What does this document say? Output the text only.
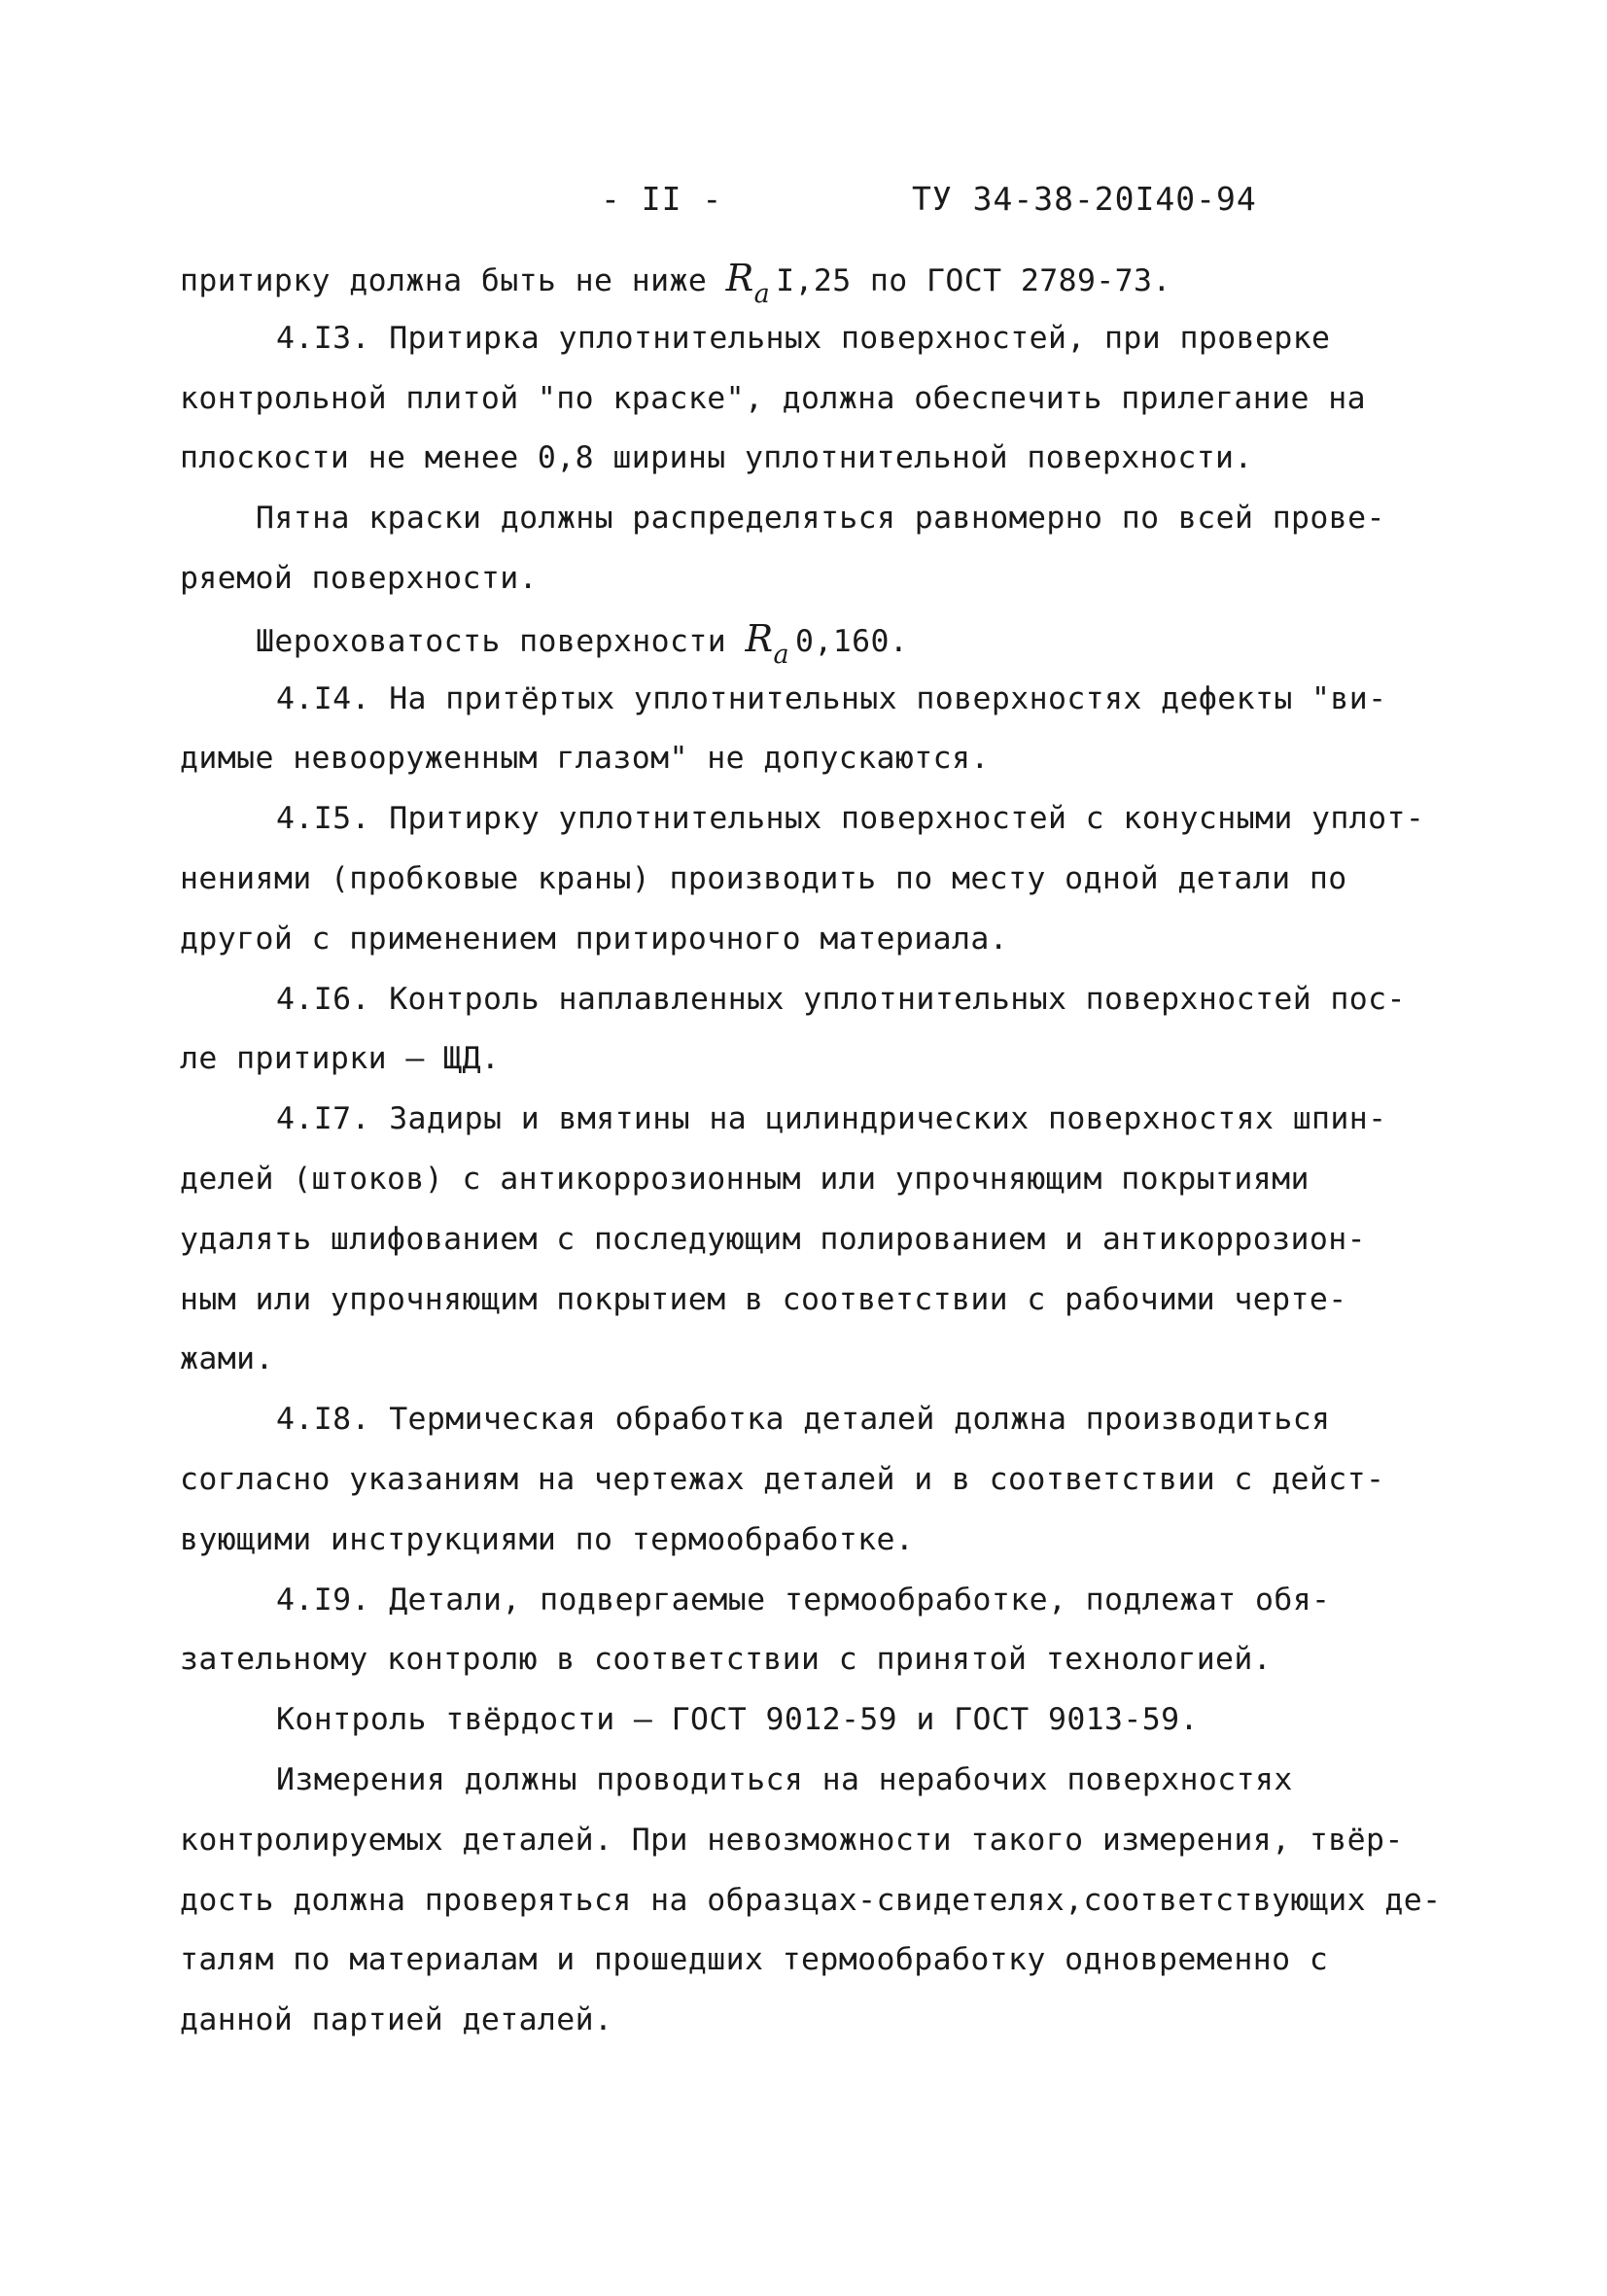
- II -	ТУ 34-38-20I40-94
притирку должна быть не ниже Ra I,25 по ГОСТ 2789-73.
4.I3. Притирка уплотнительных поверхностей, при проверке
контрольной плитой "по краске", должна обеспечить прилегание на
плоскости не менее 0,8 ширины уплотнительной поверхности.
Пятна краски должны распределяться равномерно по всей прове-
ряемой поверхности.
Шероховатость поверхности Ra 0,160.
4.I4. На притёртых уплотнительных поверхностях дефекты "ви-
димые невооруженным глазом" не допускаются.
4.I5. Притирку уплотнительных поверхностей с конусными уплот-
нениями (пробковые краны) производить по месту одной детали по
другой с применением притирочного материала.
4.I6. Контроль наплавленных уплотнительных поверхностей пос-
ле притирки – ЩД.
4.I7. Задиры и вмятины на цилиндрических поверхностях шпин-
делей (штоков) с антикоррозионным или упрочняющим покрытиями
удалять шлифованием с последующим полированием и антикоррозион-
ным или упрочняющим покрытием в соответствии с рабочими черте-
жами.
4.I8. Термическая обработка деталей должна производиться
согласно указаниям на чертежах деталей и в соответствии с дейст-
вующими инструкциями по термообработке.
4.I9. Детали, подвергаемые термообработке, подлежат обя-
зательному контролю в соответствии с принятой технологией.
Контроль твёрдости – ГОСТ 9012-59 и ГОСТ 9013-59.
Измерения должны проводиться на нерабочих поверхностях
контролируемых деталей. При невозможности такого измерения, твёр-
дость должна проверяться на образцах-свидетелях,соответствующих де-
талям по материалам и прошедших термообработку одновременно с
данной партией деталей.
